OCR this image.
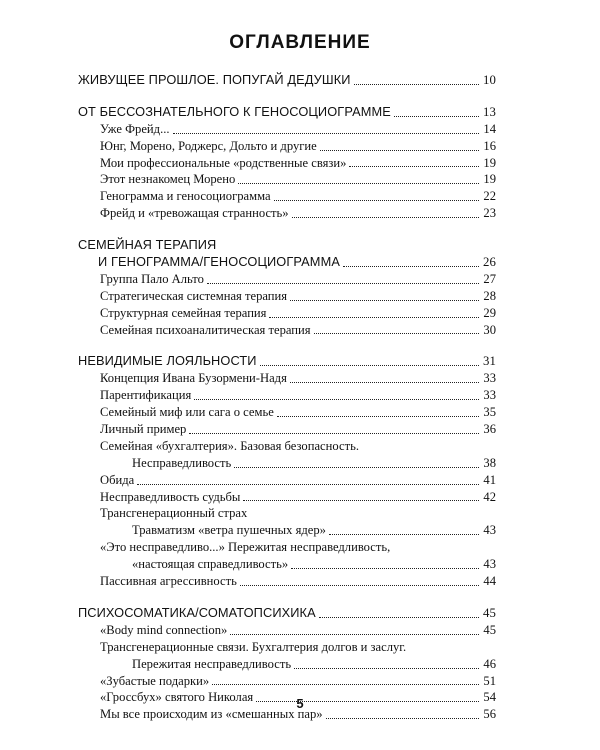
ОГЛАВЛЕНИЕ
ЖИВУЩЕЕ ПРОШЛОЕ. ПОПУГАЙ ДЕДУШКИ	10
ОТ БЕССОЗНАТЕЛЬНОГО К ГЕНОСОЦИОГРАММЕ	13
Уже Фрейд...	14
Юнг, Морено, Роджерс, Дольто и другие	16
Мои профессиональные «родственные связи»	19
Этот незнакомец Морено	19
Генограмма и геносоциограмма	22
Фрейд и «тревожащая странность»	23
СЕМЕЙНАЯ ТЕРАПИЯ
И ГЕНОГРАММА/ГЕНОСОЦИОГРАММА	26
Группа Пало Альто	27
Стратегическая системная терапия	28
Структурная семейная терапия	29
Семейная психоаналитическая терапия	30
НЕВИДИМЫЕ ЛОЯЛЬНОСТИ	31
Концепция Ивана Бузормени-Надя	33
Парентификация	33
Семейный миф или сага о семье	35
Личный пример	36
Семейная «бухгалтерия». Базовая безопасность.
Несправедливость	38
Обида	41
Несправедливость судьбы	42
Трансгенерационный страх
Травматизм «ветра пушечных ядер»	43
«Это несправедливо...» Пережитая несправедливость,
«настоящая справедливость»	43
Пассивная агрессивность	44
ПСИХОСОМАТИКА/СОМАТОПСИХИКА	45
«Body mind connection»	45
Трансгенерационные связи. Бухгалтерия долгов и заслуг.
Пережитая несправедливость	46
«Зубастые подарки»	51
«Гроссбух» святого Николая	54
Мы все происходим из «смешанных пар»	56
5
